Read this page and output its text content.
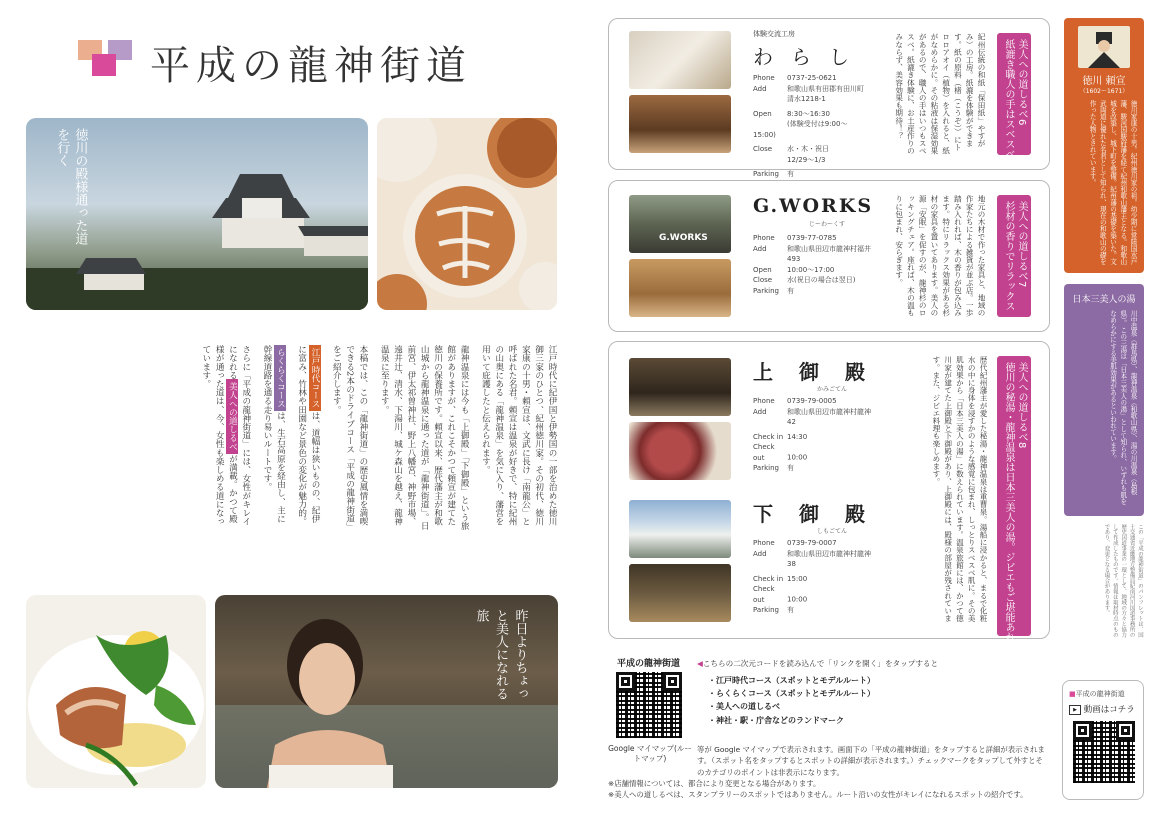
平成の龍神街道
徳川の殿様通った道を行く

江戸時代に紀伊国と伊勢国の一部を治めた徳川御三家のひとつ、紀州徳川家。その初代、徳川家康の十男・頼宣は、文武に長け「南龍公」と呼ばれた名君。頼宣は温泉が好きで、特に紀州の山奥にある「龍神温泉」を気に入り、藩営を用いて庇護したと伝えられます。

龍神温泉には今も「上御殿」「下御殿」という旅館がありますが、これこそかつて頼宣が建てた徳川の保養所です。頼宣以来、歴代藩主が和歌山城から龍神温泉に通った道が「龍神街道」。日前宮、伊太祁曽神社、野上八幡宮、神野市場、遠井辻、清水、下湯川、城ケ森山を越え、龍神温泉に至ります。

本稿では、この「龍神街道」の歴史風情を満喫できる2本のドライブコース「平成の龍神街道」をご紹介します。

江戸時代コースは、道幅は狭いものの、紀伊に富み、竹林や田園など景色の変化が魅力的。

らくらくコースは、生石高原を経由し、主に幹線道路を通る走り易いルートです。

さらに「平成の龍神街道」には、女性がキレイになれる美人への道しるべが満載。かつて殿様が通った道は、今、女性も楽しめる道になっています。

昨日よりちょっと美人になれる旅
体験交流工房
わらし
Phone 0737-25-0621
Add	和歌山県有田郡有田川町清水1218-1
Open 8:30〜16:30
(体験受付は9:00〜15:00)
Close 水・木・祝日
12/29〜1/3
Parking 有
紀州伝統の和紙「保田紙」やすがみ）の工房。紙漉を体験ができます。紙の原料（楮（こうぞ））にトロロアオイ（植物）を入れると、紙がなめらかに。その粘液は保湿効果があるので、職人の手はいつもスベスベ。紙漉き体験に、お土産作りのみならず、美容効果も期待！？	美人への道しるべ6
紙漉き職人の手はスベスベ？
G.WORKS
G.WORKS
じーわーくす
Phone 0739-77-0785
Add	和歌山県田辺市龍神村福井493
Open 10:00〜17:00
Close 水(祝日の場合は翌日)
Parking 有	地元の木材で作った家具と、地域の作家たちによる雑貨が並ぶ店。一歩踏み入れれば、木の香りが包み込みます。特にリラックス効果がある杉材の家具を置いてあります。美人の源「安眠」を促すのが、龍神杉のロッキングチェア。座れば、木の温もりに包まれ、安らぎます。	美人への道しるべ7
杉材の香りでリラックス
上御殿
かみごてん
Phone 0739-79-0005
Add	和歌山県田辺市龍神村龍神42
Check in 14:30
Check out	10:00
Parking 有
下御殿
しもごてん
Phone 0739-79-0007
Add	和歌山県田辺市龍神村龍神38
Check in 15:00
Check out	10:00
Parking 有	歴代紀州藩主が愛した秘湯・龍神温泉は重曹泉。湯船に浸かると、まるで化粧水の中に身体を浸すかのような感覚に包まれ、しっとりスベスベ肌に。その美肌効果から「日本三美人の湯」に数えられています。温泉旅館には、かつて徳川家が建てた上御殿と下御殿があり、上御殿には、殿様の部屋が残されています。また、ジビエ料理も楽しめます。	美人への道しるべ8
徳川の秘湯・龍神温泉は日本三美人の湯。ジビエもご堪能あれ。
徳川 頼宣
（1602〜1671）
徳川家康の十男。紀州徳川家の祖。幼少期に常陸国水戸藩、駿河国駿府藩を経て紀州和歌山藩主となる。和歌山城を改築し、城下町を整備。紀州藩の基礎を築いた。文武両道に優れた名君として知られ、現在の和歌山の礎を作った人物とされています。
日本三美人の湯
川中温泉（群馬県）、龍神温泉（和歌山県）、湯の川温泉（島根県）。この三湯は「日本三美人の湯」として知られ、いずれも肌をなめらかにする美肌効果があるといわれています。
この「平成の龍神街道」のパンフレットは、国土交通省近畿地方整備局紀南河川国道事務所の歴史国道事業の一環として、地域の方々と協力して作成したものです。情報は取材時点のものであり、変更となる場合があります。
平成の龍神街道
Google マイマップ(ルートマップ)
◀こちらの二次元コードを読み込んで「リンクを開く」をタップすると
・江戸時代コース（スポットとモデルルート）
・らくらくコース（スポットとモデルルート）
・美人への道しるべ
・神社・駅・庁舎などのランドマーク
等が Google マイマップで表示されます。画面下の「平成の龍神街道」をタップすると詳細が表示されます。（スポット名をタップするとスポットの詳細が表示されます。）チェックマークをタップして外すとそのカテゴリのポイントは非表示になります。
■平成の龍神街道
▶ 動画はコチラ
※店舗情報については、都合により変更となる場合があります。
※美人への道しるべは、スタンプラリーのスポットではありません。ルート沿いの女性がキレイになれるスポットの紹介です。
